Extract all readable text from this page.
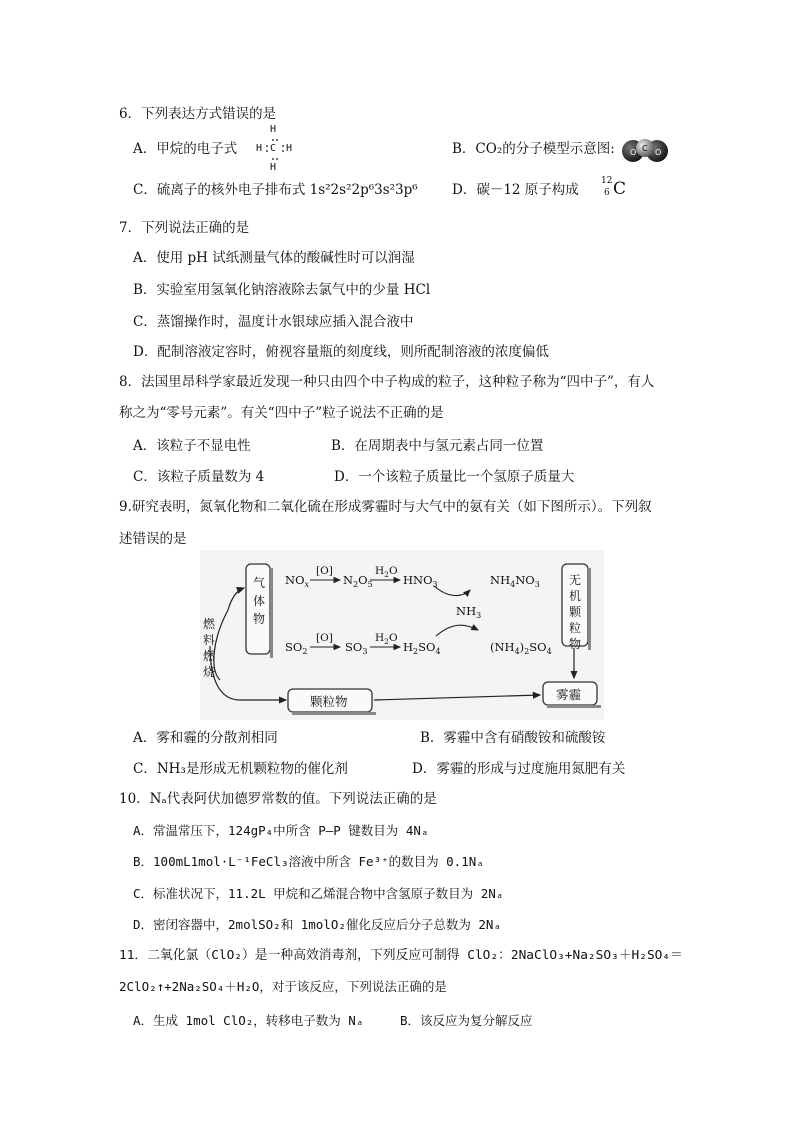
6．下列表达方式错误的是
A．甲烷的电子式
H
H C H
H
B．CO₂的分子模型示意图: O C O
C．硫离子的核外电子排布式 1s²2s²2p⁶3s²3p⁶	D．碳－12 原子构成
12
6 C
7．下列说法正确的是
A．使用 pH 试纸测量气体的酸碱性时可以润湿
B．实验室用氢氧化钠溶液除去氯气中的少量 HCl
C．蒸馏操作时，温度计水银球应插入混合液中
D．配制溶液定容时，俯视容量瓶的刻度线，则所配制溶液的浓度偏低
8．法国里昂科学家最近发现一种只由四个中子构成的粒子，这种粒子称为“四中子”，有人
称之为“零号元素”。有关“四中子”粒子说法不正确的是
A．该粒子不显电性	B．在周期表中与氢元素占同一位置
C．该粒子质量数为 4	D．一个该粒子质量比一个氢原子质量大
9.研究表明，氮氧化物和二氧化硫在形成雾霾时与大气中的氨有关（如下图所示）。下列叙
述错误的是
气
体
物
燃
料
燃
烧
无
机
颗
粒
物
颗粒物	雾霾
$NO_x$
[O]
$N_2O_5$
$H_2O$
$HNO_3$	$NH_4NO_3$
$NH_3$
$SO_2$
[O]
$SO_3$
$H_2O$
$H_2SO_4$	$(NH_4)_2SO_4$
A．雾和霾的分散剂相同	B．雾霾中含有硝酸铵和硫酸铵
C．NH₃是形成无机颗粒物的催化剂	D．雾霾的形成与过度施用氮肥有关
10．Nₐ代表阿伏加德罗常数的值。下列说法正确的是
A．常温常压下，124gP₄中所含 P—P 键数目为 4Nₐ
B．100mL1mol·L⁻¹FeCl₃溶液中所含 Fe³⁺的数目为 0.1Nₐ
C．标准状况下，11.2L 甲烷和乙烯混合物中含氢原子数目为 2Nₐ
D．密闭容器中，2molSO₂和 1molO₂催化反应后分子总数为 2Nₐ
11．二氧化氯（ClO₂）是一种高效消毒剂，下列反应可制得 ClO₂：2NaClO₃+Na₂SO₃＋H₂SO₄＝
2ClO₂↑+2Na₂SO₄＋H₂O，对于该反应，下列说法正确的是
A．生成 1mol ClO₂，转移电子数为 Nₐ	B．该反应为复分解反应
